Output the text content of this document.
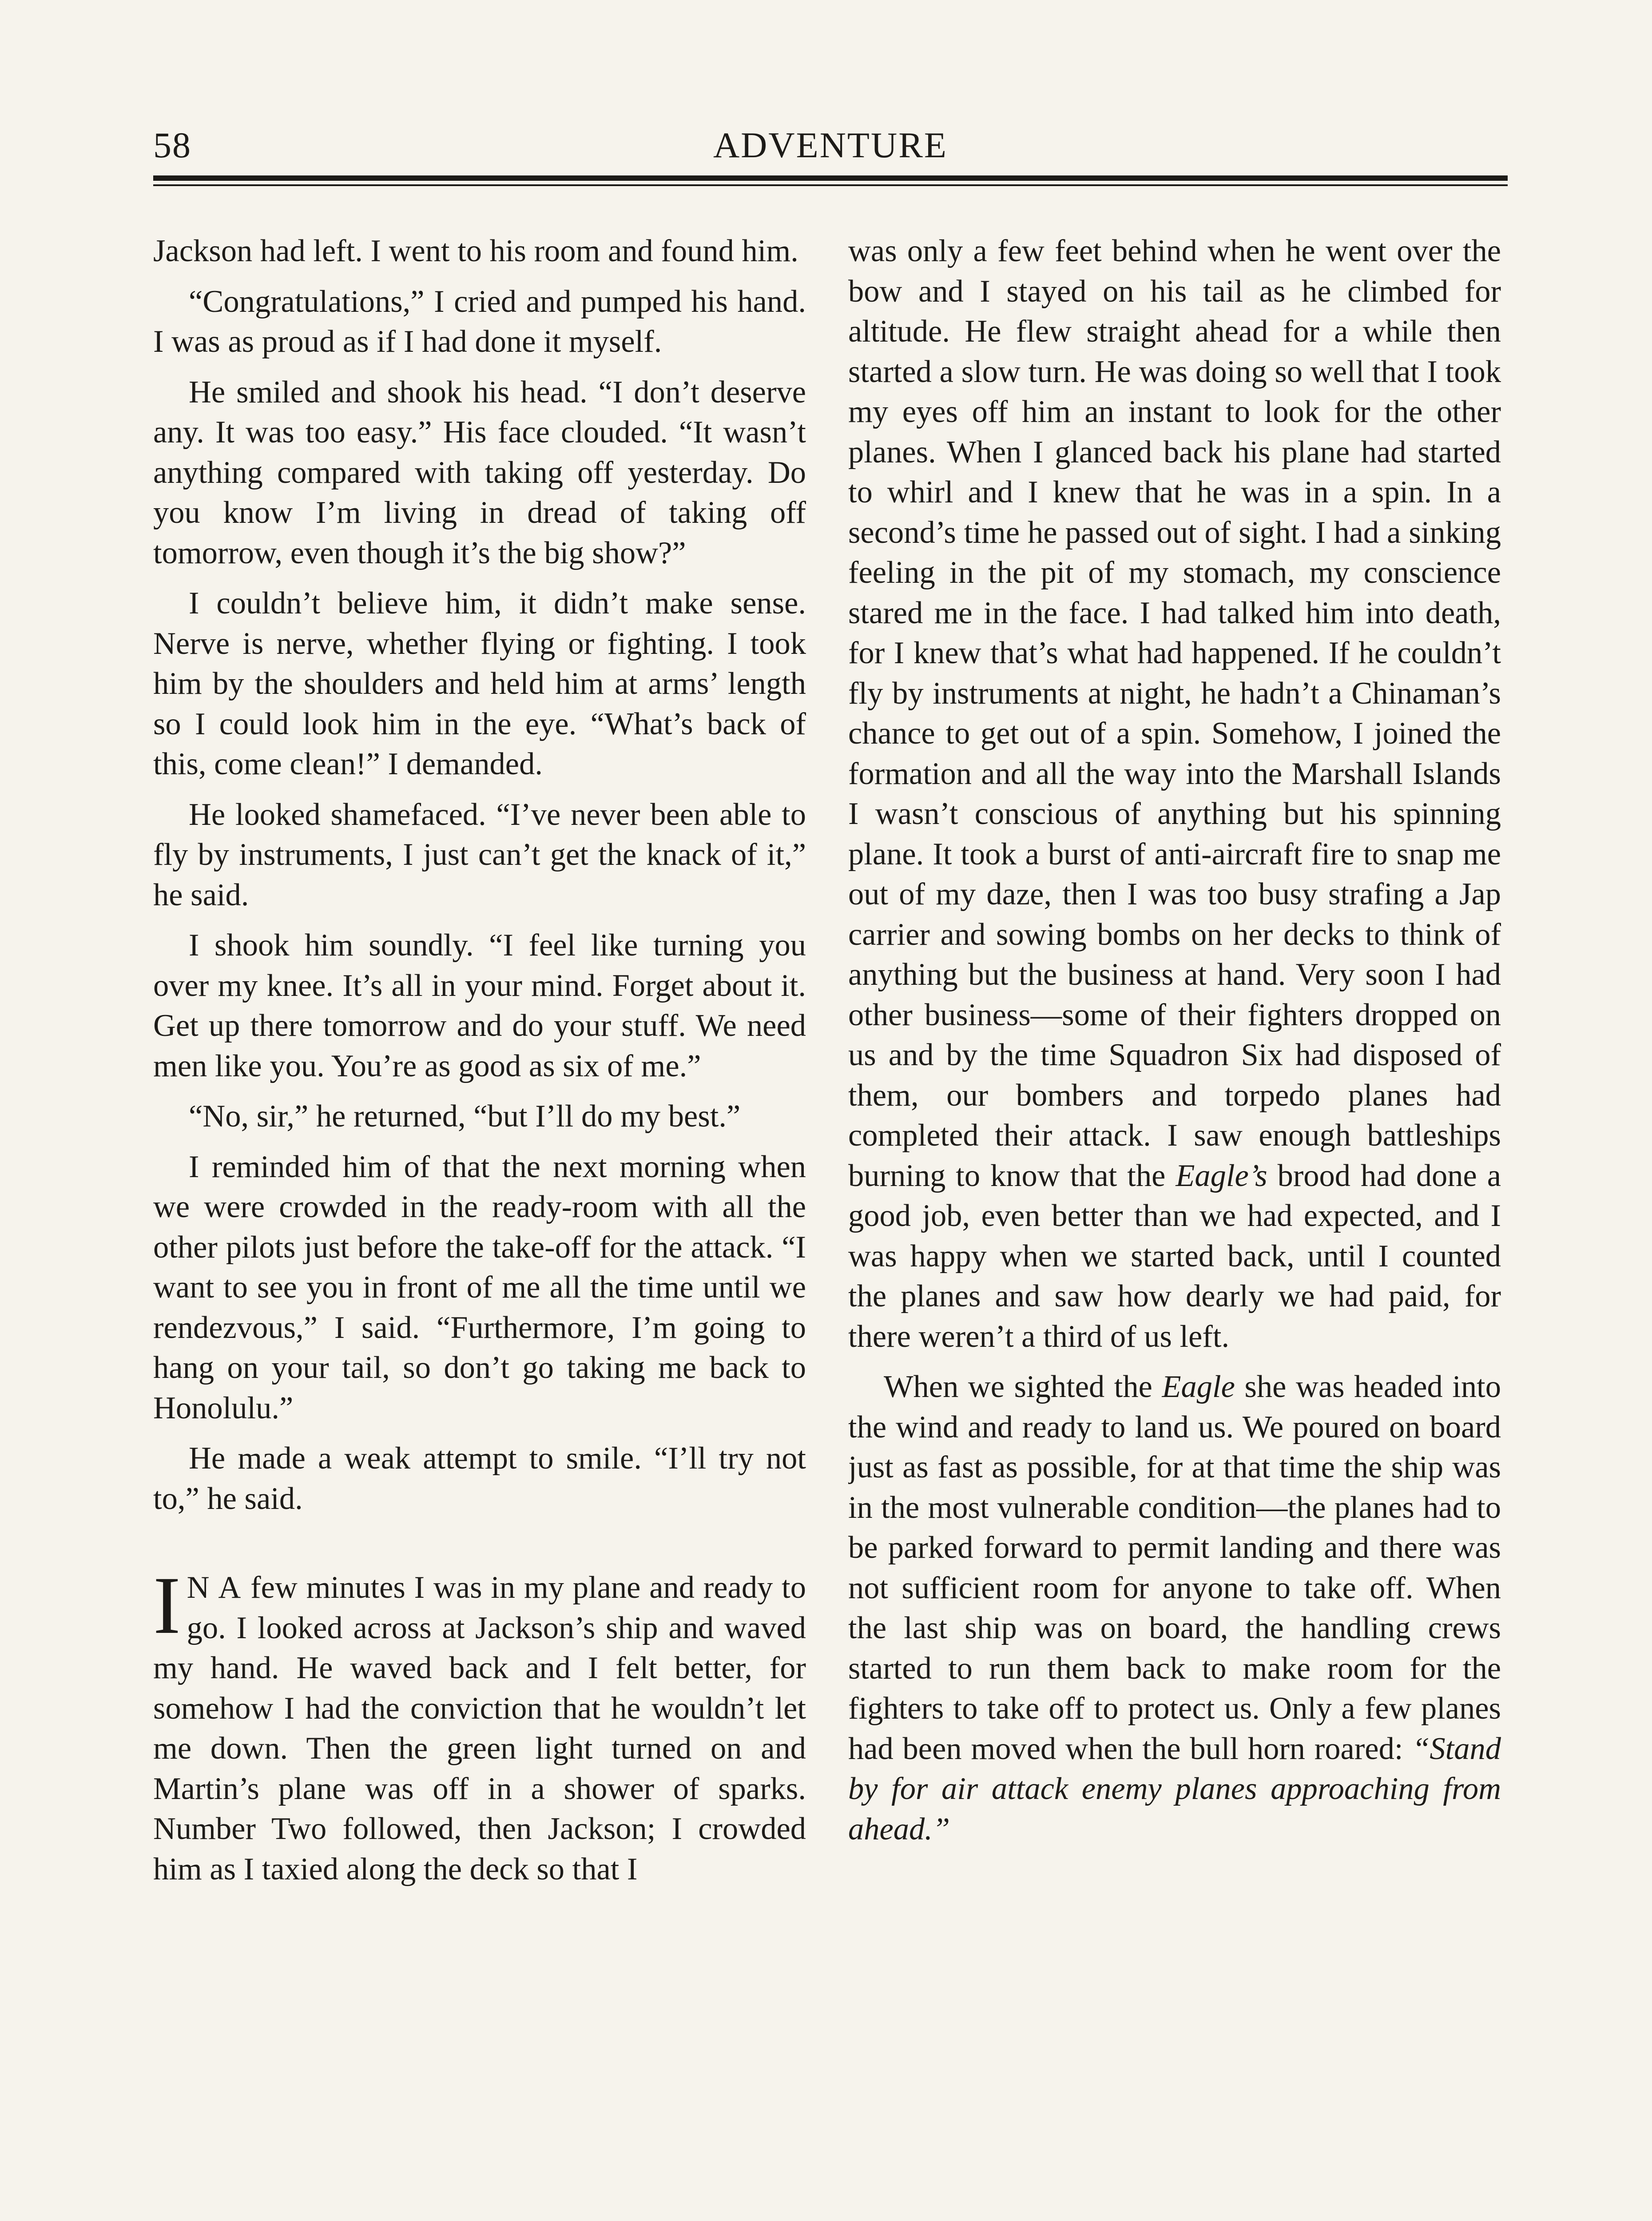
58	ADVENTURE

Jackson had left. I went to his room and found him.

“Congratulations,” I cried and pumped his hand. I was as proud as if I had done it myself.

He smiled and shook his head. “I don’t deserve any. It was too easy.” His face clouded. “It wasn’t anything compared with taking off yesterday. Do you know I’m living in dread of taking off tomorrow, even though it’s the big show?”

I couldn’t believe him, it didn’t make sense. Nerve is nerve, whether flying or fighting. I took him by the shoulders and held him at arms’ length so I could look him in the eye. “What’s back of this, come clean!” I demanded.

He looked shamefaced. “I’ve never been able to fly by instruments, I just can’t get the knack of it,” he said.

I shook him soundly. “I feel like turning you over my knee. It’s all in your mind. Forget about it. Get up there tomorrow and do your stuff. We need men like you. You’re as good as six of me.”

“No, sir,” he returned, “but I’ll do my best.”

I reminded him of that the next morning when we were crowded in the ready-room with all the other pilots just before the take-off for the attack. “I want to see you in front of me all the time until we rendezvous,” I said. “Furthermore, I’m going to hang on your tail, so don’t go taking me back to Honolulu.”

He made a weak attempt to smile. “I’ll try not to,” he said.

I N A few minutes I was in my plane and ready to go. I looked across at Jackson’s ship and waved my hand. He waved back and I felt better, for somehow I had the conviction that he wouldn’t let me down. Then the green light turned on and Martin’s plane was off in a shower of sparks. Number Two followed, then Jackson; I crowded him as I taxied along the deck so that I

was only a few feet behind when he went over the bow and I stayed on his tail as he climbed for altitude. He flew straight ahead for a while then started a slow turn. He was doing so well that I took my eyes off him an instant to look for the other planes. When I glanced back his plane had started to whirl and I knew that he was in a spin. In a second’s time he passed out of sight. I had a sinking feeling in the pit of my stomach, my conscience stared me in the face. I had talked him into death, for I knew that’s what had happened. If he couldn’t fly by instruments at night, he hadn’t a Chinaman’s chance to get out of a spin. Somehow, I joined the formation and all the way into the Marshall Islands I wasn’t conscious of anything but his spinning plane. It took a burst of anti-aircraft fire to snap me out of my daze, then I was too busy strafing a Jap carrier and sowing bombs on her decks to think of anything but the business at hand. Very soon I had other business—some of their fighters dropped on us and by the time Squadron Six had disposed of them, our bombers and torpedo planes had completed their attack. I saw enough battleships burning to know that the Eagle’s brood had done a good job, even better than we had expected, and I was happy when we started back, until I counted the planes and saw how dearly we had paid, for there weren’t a third of us left.

When we sighted the Eagle she was headed into the wind and ready to land us. We poured on board just as fast as possible, for at that time the ship was in the most vulnerable condition—the planes had to be parked forward to permit landing and there was not sufficient room for anyone to take off. When the last ship was on board, the handling crews started to run them back to make room for the fighters to take off to protect us. Only a few planes had been moved when the bull horn roared: “Stand by for air attack enemy planes approaching from ahead.”
